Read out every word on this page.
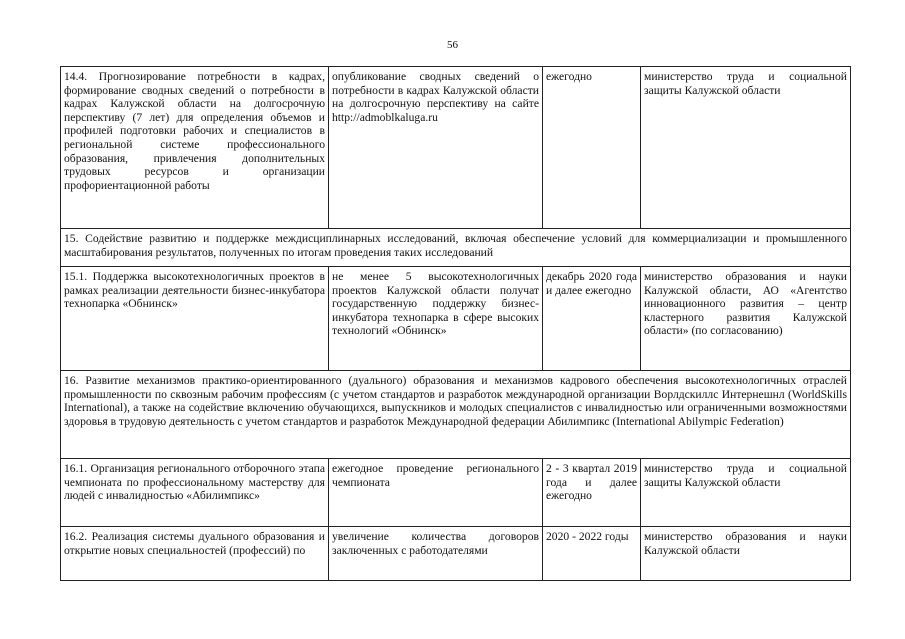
56
14.4. Прогнозирование потребности в кадрах, формирование сводных сведений о потребности в кадрах Калужской области на долгосрочную перспективу (7 лет) для определения объемов и профилей подготовки рабочих и специалистов в региональной системе профессионального образования, привлечения дополнительных трудовых ресурсов и организации профориентационной работы	опубликование сводных сведений о потребности в кадрах Калужской области на долгосрочную перспективу на сайте http://admoblkaluga.ru	ежегодно	министерство труда и социальной защиты Калужской области
15. Содействие развитию и поддержке междисциплинарных исследований, включая обеспечение условий для коммерциализации и промышленного масштабирования результатов, полученных по итогам проведения таких исследований			
15.1. Поддержка высокотехнологичных проектов в рамках реализации деятельности бизнес-инкубатора технопарка «Обнинск»	не менее 5 высокотехнологичных проектов Калужской области получат государственную поддержку бизнес-инкубатора технопарка в сфере высоких технологий «Обнинск»	декабрь 2020 года и далее ежегодно	министерство образования и науки Калужской области, АО «Агентство инновационного развития – центр кластерного развития Калужской области» (по согласованию)
16. Развитие механизмов практико-ориентированного (дуального) образования и механизмов кадрового обеспечения высокотехнологичных отраслей промышленности по сквозным рабочим профессиям (с учетом стандартов и разработок международной организации Ворлдскиллс Интернешнл (WorldSkills International), а также на содействие включению обучающихся, выпускников и молодых специалистов с инвалидностью или ограниченными возможностями здоровья в трудовую деятельность с учетом стандартов и разработок Международной федерации Абилимпикс (International Abilympic Federation)			
16.1. Организация регионального отборочного этапа чемпионата по профессиональному мастерству для людей с инвалидностью «Абилимпикс»	ежегодное проведение регионального чемпионата	2 - 3 квартал 2019 года и далее ежегодно	министерство труда и социальной защиты Калужской области
16.2. Реализация системы дуального образования и открытие новых специальностей (профессий) по	увеличение количества договоров заключенных с работодателями	2020 - 2022 годы	министерство образования и науки Калужской области
